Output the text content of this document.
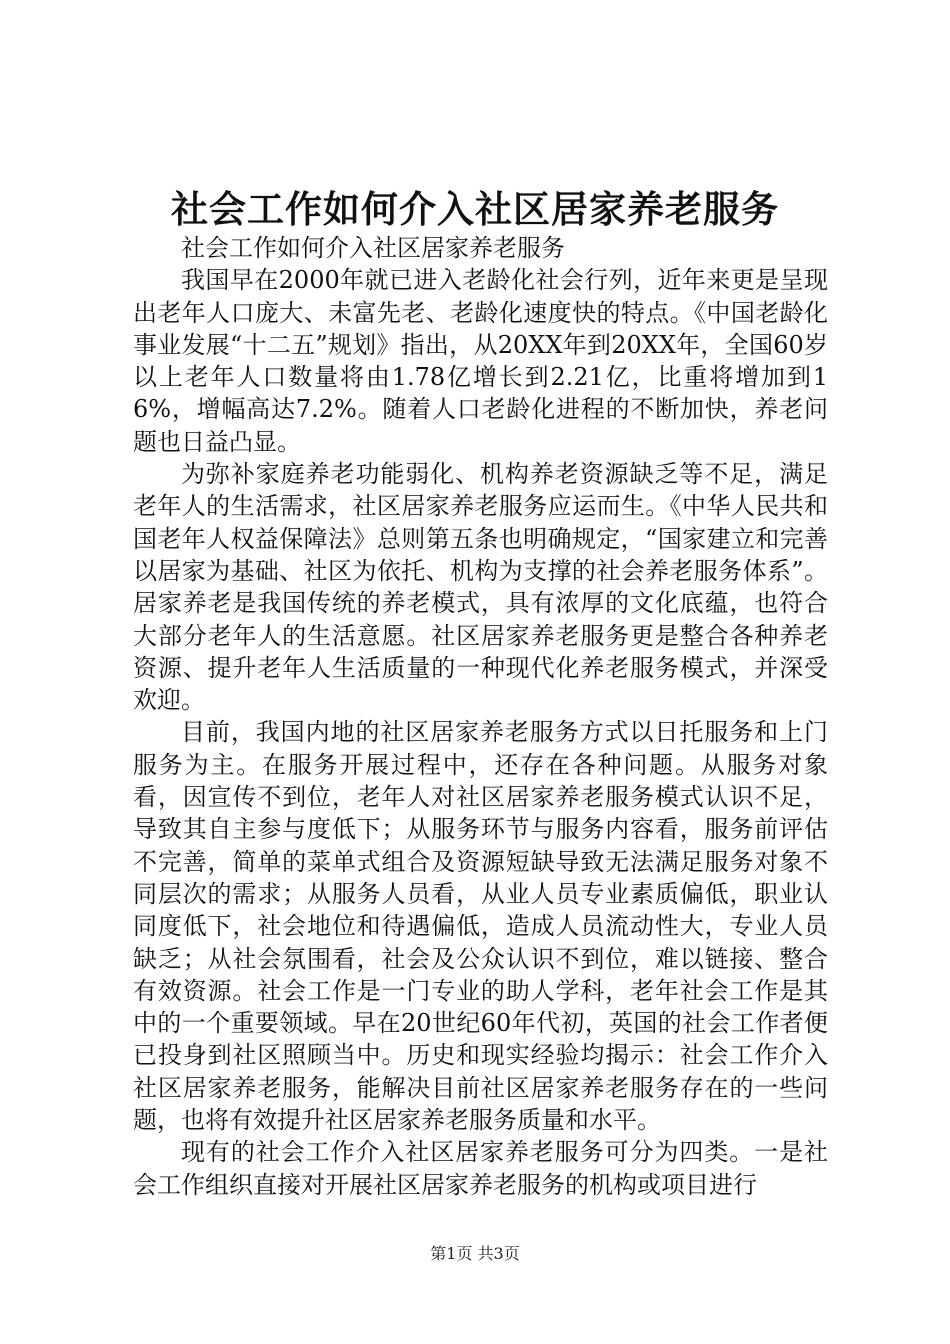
社会工作如何介入社区居家养老服务

社会工作如何介入社区居家养老服务

我国早在2000年就已进入老龄化社会行列，近年来更是呈现出老年人口庞大、未富先老、老龄化速度快的特点。《中国老龄化事业发展“十二五”规划》指出，从20XX年到20XX年，全国60岁以上老年人口数量将由1.78亿增长到2.21亿，比重将增加到16%，增幅高达7.2%。随着人口老龄化进程的不断加快，养老问题也日益凸显。

为弥补家庭养老功能弱化、机构养老资源缺乏等不足，满足老年人的生活需求，社区居家养老服务应运而生。《中华人民共和国老年人权益保障法》总则第五条也明确规定，“国家建立和完善以居家为基础、社区为依托、机构为支撑的社会养老服务体系”。居家养老是我国传统的养老模式，具有浓厚的文化底蕴，也符合大部分老年人的生活意愿。社区居家养老服务更是整合各种养老资源、提升老年人生活质量的一种现代化养老服务模式，并深受欢迎。

目前，我国内地的社区居家养老服务方式以日托服务和上门服务为主。在服务开展过程中，还存在各种问题。从服务对象看，因宣传不到位，老年人对社区居家养老服务模式认识不足，导致其自主参与度低下；从服务环节与服务内容看，服务前评估不完善，简单的菜单式组合及资源短缺导致无法满足服务对象不同层次的需求；从服务人员看，从业人员专业素质偏低，职业认同度低下，社会地位和待遇偏低，造成人员流动性大，专业人员缺乏；从社会氛围看，社会及公众认识不到位，难以链接、整合有效资源。社会工作是一门专业的助人学科，老年社会工作是其中的一个重要领域。早在20世纪60年代初，英国的社会工作者便已投身到社区照顾当中。历史和现实经验均揭示：社会工作介入社区居家养老服务，能解决目前社区居家养老服务存在的一些问题，也将有效提升社区居家养老服务质量和水平。

现有的社会工作介入社区居家养老服务可分为四类。一是社会工作组织直接对开展社区居家养老服务的机构或项目进行

第1页 共3页
